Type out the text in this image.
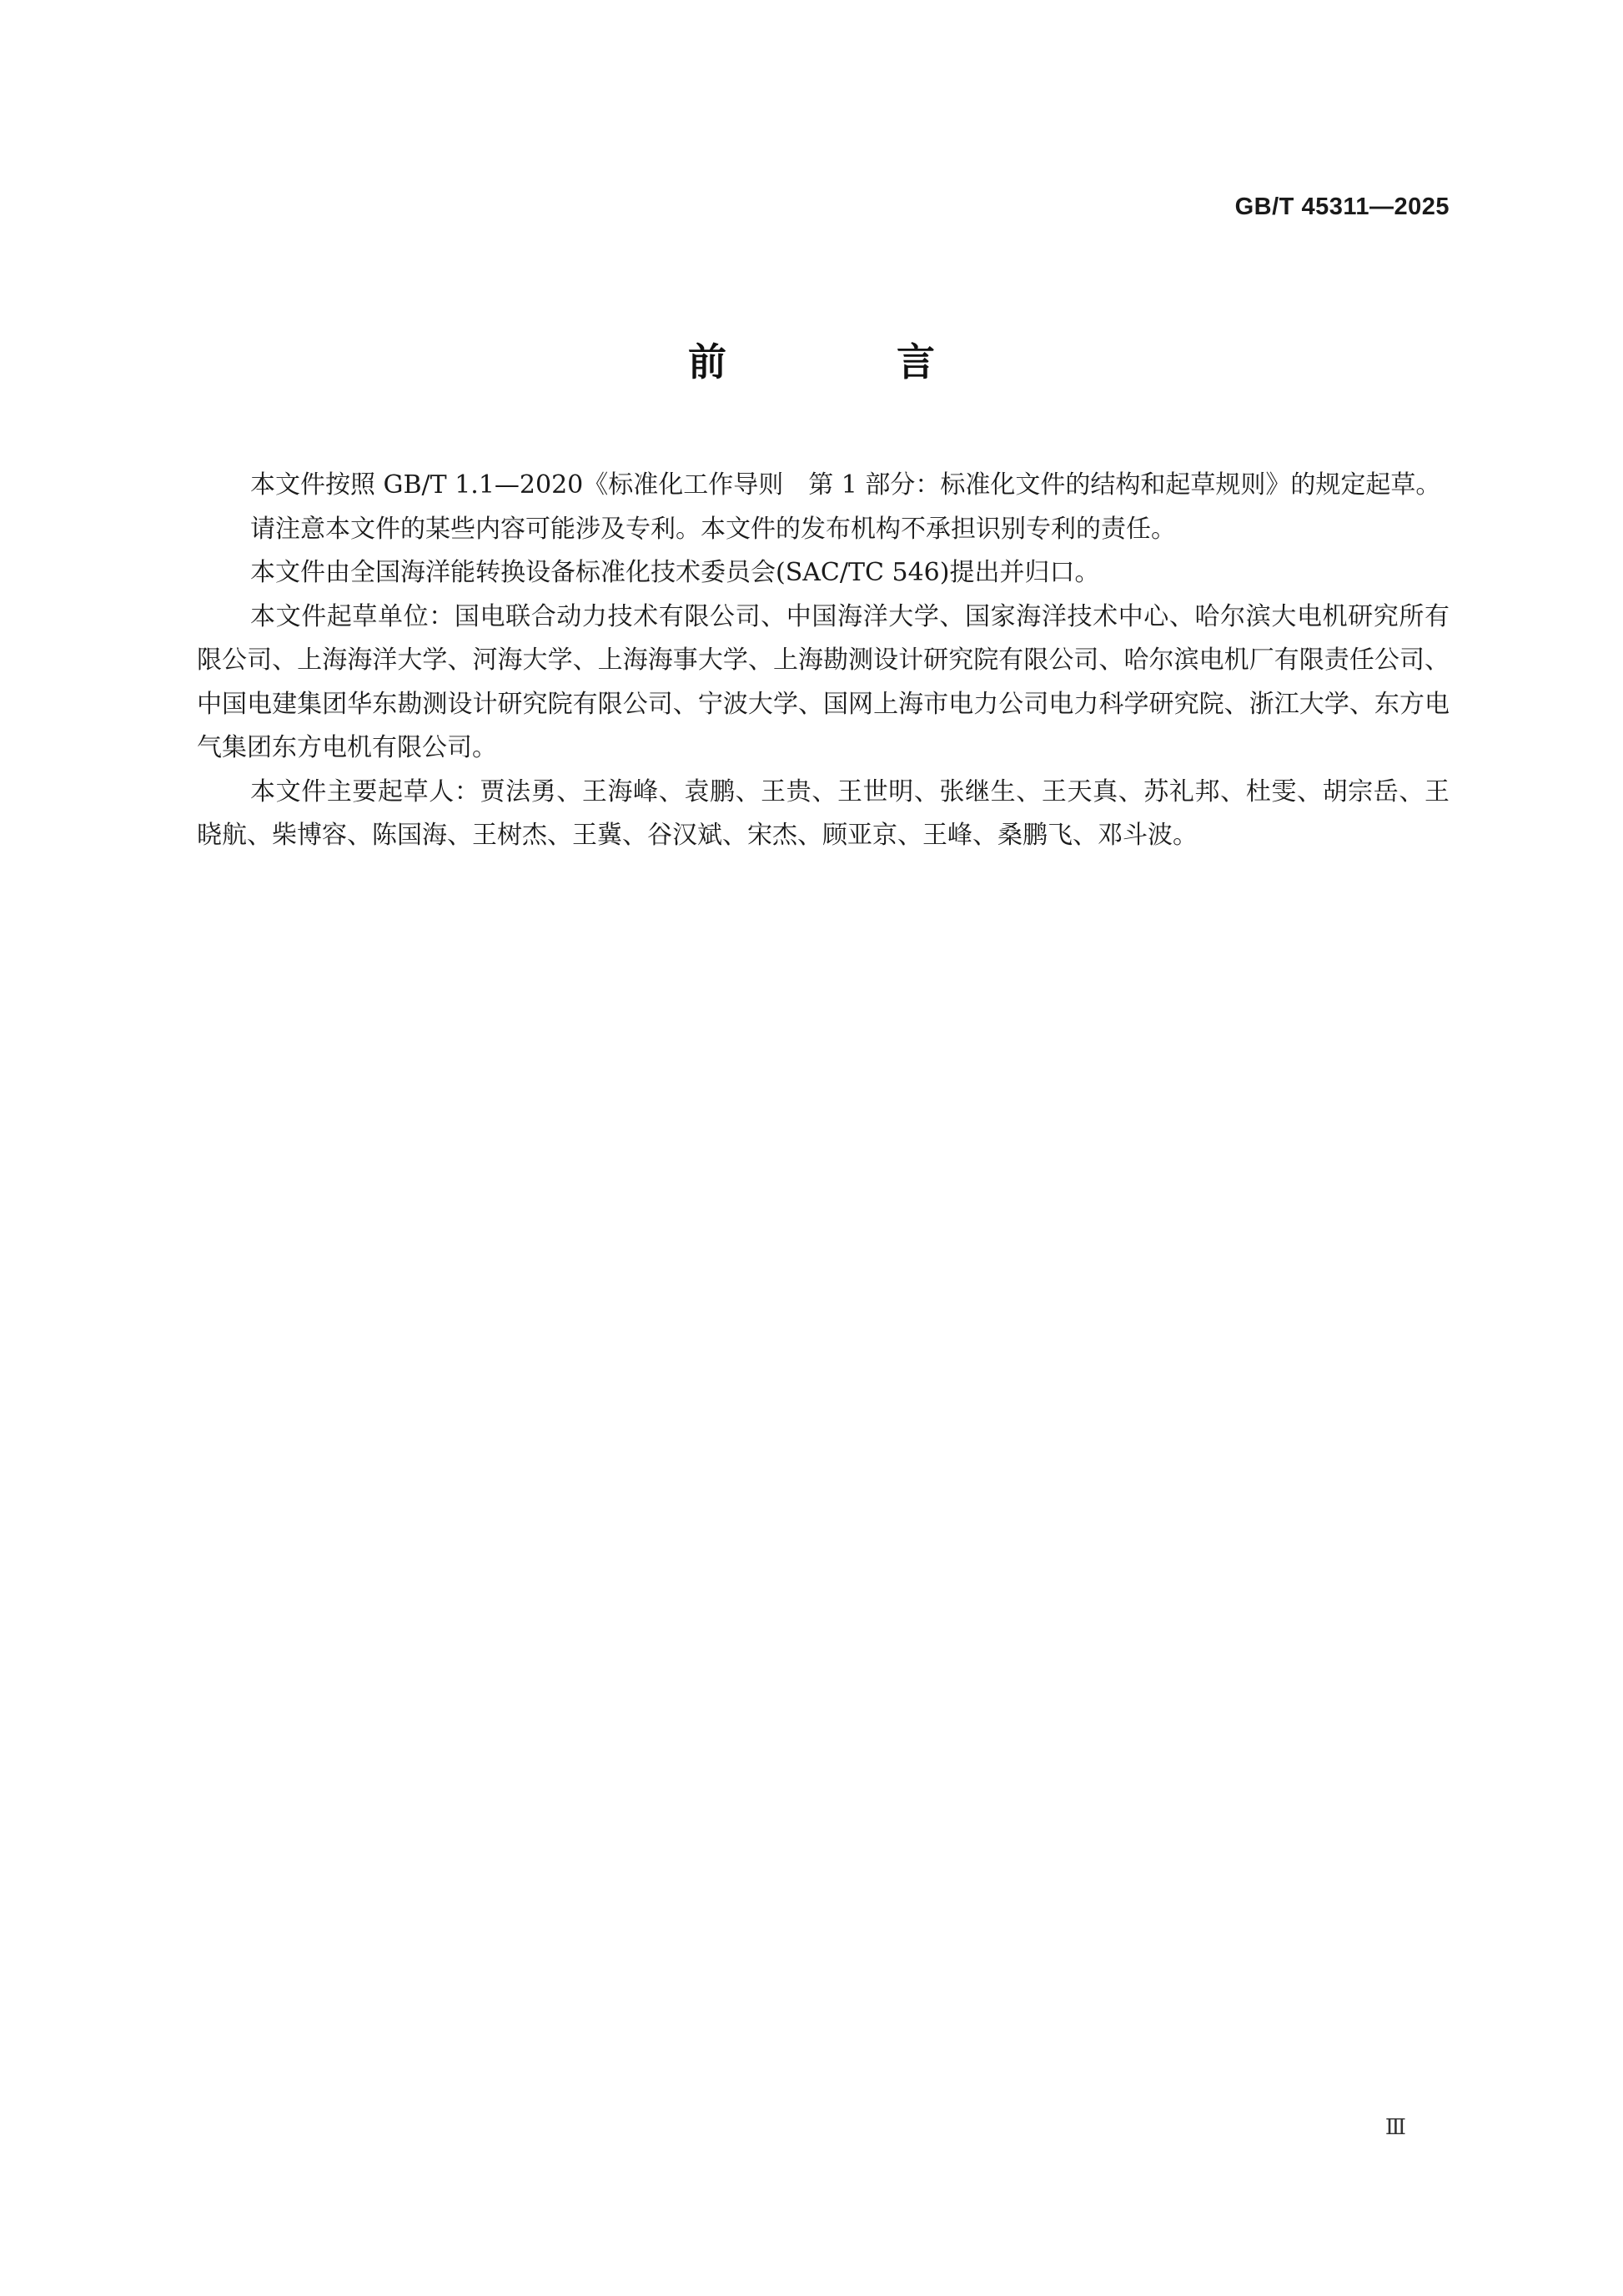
GB/T 45311—2025
前 言

本文件按照 GB/T 1.1—2020《标准化工作导则　第 1 部分：标准化文件的结构和起草规则》的规定起草。

请注意本文件的某些内容可能涉及专利。本文件的发布机构不承担识别专利的责任。

本文件由全国海洋能转换设备标准化技术委员会(SAC/TC 546)提出并归口。

本文件起草单位：国电联合动力技术有限公司、中国海洋大学、国家海洋技术中心、哈尔滨大电机研究所有限公司、上海海洋大学、河海大学、上海海事大学、上海勘测设计研究院有限公司、哈尔滨电机厂有限责任公司、中国电建集团华东勘测设计研究院有限公司、宁波大学、国网上海市电力公司电力科学研究院、浙江大学、东方电气集团东方电机有限公司。

本文件主要起草人：贾法勇、王海峰、袁鹏、王贵、王世明、张继生、王天真、苏礼邦、杜雯、胡宗岳、王晓航、柴博容、陈国海、王树杰、王冀、谷汉斌、宋杰、顾亚京、王峰、桑鹏飞、邓斗波。

Ⅲ
